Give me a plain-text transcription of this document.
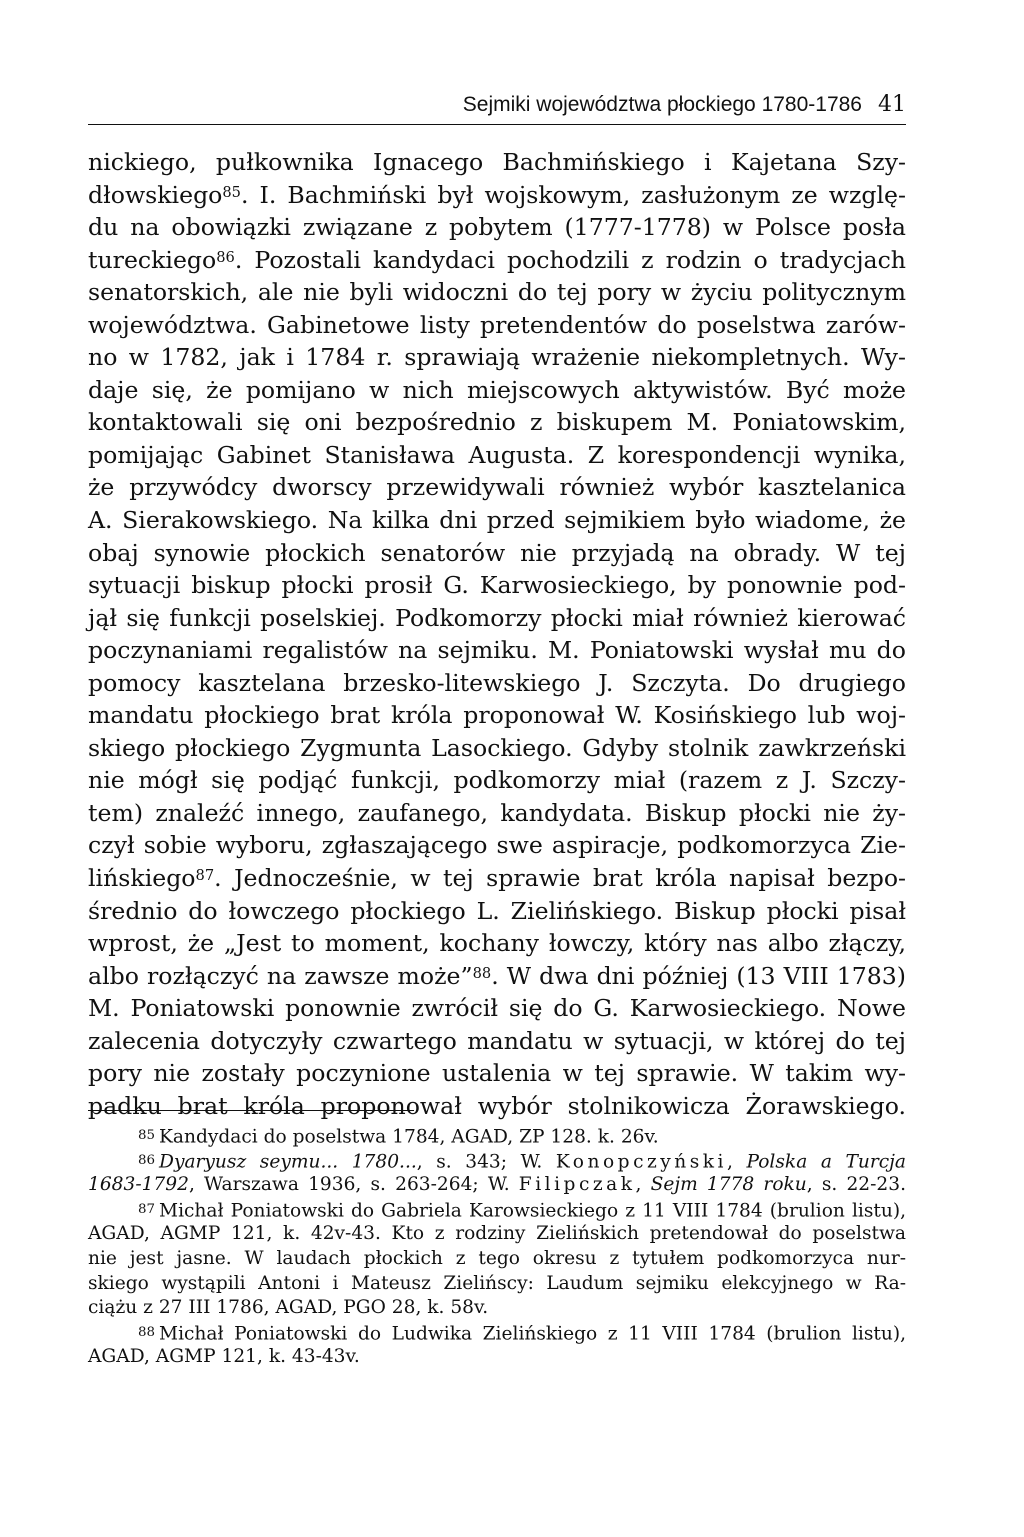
Sejmiki województwa płockiego 1780-1786 41
nickiego, pułkownika Ignacego Bachmińskiego i Kajetana Szy-
dłowskiego$^{85}$. I. Bachmiński był wojskowym, zasłużonym ze wzglę-
du na obowiązki związane z pobytem (1777-1778) w Polsce posła
tureckiego$^{86}$. Pozostali kandydaci pochodzili z rodzin o tradycjach
senatorskich, ale nie byli widoczni do tej pory w życiu politycznym
województwa. Gabinetowe listy pretendentów do poselstwa zarów-
no w 1782, jak i 1784 r. sprawiają wrażenie niekompletnych. Wy-
daje się, że pomijano w nich miejscowych aktywistów. Być może
kontaktowali się oni bezpośrednio z biskupem M. Poniatowskim,
pomijając Gabinet Stanisława Augusta. Z korespondencji wynika,
że przywódcy dworscy przewidywali również wybór kasztelanica
A. Sierakowskiego. Na kilka dni przed sejmikiem było wiadome, że
obaj synowie płockich senatorów nie przyjadą na obrady. W tej
sytuacji biskup płocki prosił G. Karwosieckiego, by ponownie pod-
jął się funkcji poselskiej. Podkomorzy płocki miał również kierować
poczynaniami regalistów na sejmiku. M. Poniatowski wysłał mu do
pomocy kasztelana brzesko-litewskiego J. Szczyta. Do drugiego
mandatu płockiego brat króla proponował W. Kosińskiego lub woj-
skiego płockiego Zygmunta Lasockiego. Gdyby stolnik zawkrzeński
nie mógł się podjąć funkcji, podkomorzy miał (razem z J. Szczy-
tem) znaleźć innego, zaufanego, kandydata. Biskup płocki nie ży-
czył sobie wyboru, zgłaszającego swe aspiracje, podkomorzyca Zie-
lińskiego$^{87}$. Jednocześnie, w tej sprawie brat króla napisał bezpo-
średnio do łowczego płockiego L. Zielińskiego. Biskup płocki pisał
wprost, że „Jest to moment, kochany łowczy, który nas albo złączy,
albo rozłączyć na zawsze może”$^{88}$. W dwa dni później (13 VIII 1783)
M. Poniatowski ponownie zwrócił się do G. Karwosieckiego. Nowe
zalecenia dotyczyły czwartego mandatu w sytuacji, w której do tej
pory nie zostały poczynione ustalenia w tej sprawie. W takim wy-
padku brat króla proponował wybór stolnikowicza Żorawskiego.
$^{85}$ Kandydaci do poselstwa 1784, AGAD, ZP 128. k. 26v.
$^{86}$ Dyaryusz seymu... 1780..., s. 343; W. Konopczyński, Polska a Turcja
1683-1792, Warszawa 1936, s. 263-264; W. Filipczak, Sejm 1778 roku, s. 22-23.
$^{87}$ Michał Poniatowski do Gabriela Karowsieckiego z 11 VIII 1784 (brulion listu),
AGAD, AGMP 121, k. 42v-43. Kto z rodziny Zielińskich pretendował do poselstwa
nie jest jasne. W laudach płockich z tego okresu z tytułem podkomorzyca nur-
skiego wystąpili Antoni i Mateusz Zielińscy: Laudum sejmiku elekcyjnego w Ra-
ciążu z 27 III 1786, AGAD, PGO 28, k. 58v.
$^{88}$ Michał Poniatowski do Ludwika Zielińskiego z 11 VIII 1784 (brulion listu),
AGAD, AGMP 121, k. 43-43v.
